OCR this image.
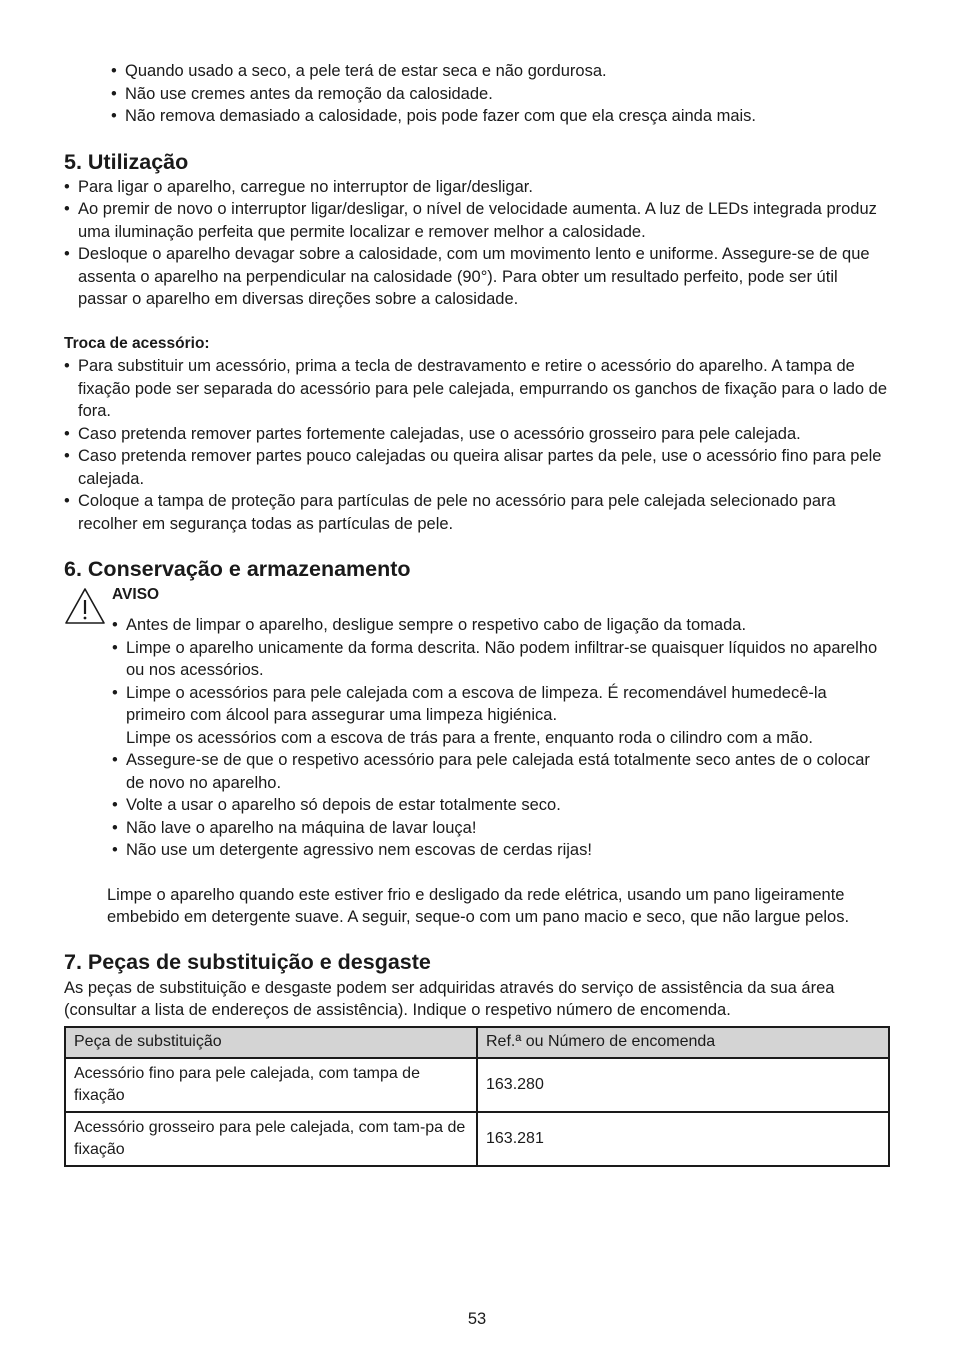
• Quando usado a seco, a pele terá de estar seca e não gordurosa.
• Não use cremes antes da remoção da calosidade.
• Não remova demasiado a calosidade, pois pode fazer com que ela cresça ainda mais.
5. Utilização
• Para ligar o aparelho, carregue no interruptor de ligar/desligar.
• Ao premir de novo o interruptor ligar/desligar, o nível de velocidade aumenta. A luz de LEDs integrada produz uma iluminação perfeita que permite localizar e remover melhor a calosidade.
• Desloque o aparelho devagar sobre a calosidade, com um movimento lento e uniforme. Assegure-se de que assenta o aparelho na perpendicular na calosidade (90°). Para obter um resultado perfeito, pode ser útil passar o aparelho em diversas direções sobre a calosidade.
Troca de acessório:
• Para substituir um acessório, prima a tecla de destravamento e retire o acessório do aparelho. A tampa de fixação pode ser separada do acessório para pele calejada, empurrando os ganchos de fixação para o lado de fora.
• Caso pretenda remover partes fortemente calejadas, use o acessório grosseiro para pele calejada.
• Caso pretenda remover partes pouco calejadas ou queira alisar partes da pele, use o acessório fino para pele calejada.
• Coloque a tampa de proteção para partículas de pele no acessório para pele calejada selecionado para recolher em segurança todas as partículas de pele.
6. Conservação e armazenamento
AVISO
• Antes de limpar o aparelho, desligue sempre o respetivo cabo de ligação da tomada.
• Limpe o aparelho unicamente da forma descrita. Não podem infiltrar-se quaisquer líquidos no aparelho ou nos acessórios.
• Limpe o acessórios para pele calejada com a escova de limpeza. É recomendável humedecê-la primeiro com álcool para assegurar uma limpeza higiénica.
Limpe os acessórios com a escova de trás para a frente, enquanto roda o cilindro com a mão.
• Assegure-se de que o respetivo acessório para pele calejada está totalmente seco antes de o colocar de novo no aparelho.
• Volte a usar o aparelho só depois de estar totalmente seco.
• Não lave o aparelho na máquina de lavar louça!
• Não use um detergente agressivo nem escovas de cerdas rijas!

Limpe o aparelho quando este estiver frio e desligado da rede elétrica, usando um pano ligeiramente embebido em detergente suave. A seguir, seque-o com um pano macio e seco, que não largue pelos.

7. Peças de substituição e desgaste

As peças de substituição e desgaste podem ser adquiridas através do serviço de assistência da sua área (consultar a lista de endereços de assistência). Indique o respetivo número de encomenda.

Peça de substituição	Ref.ª ou Número de encomenda
Acessório fino para pele calejada, com tampa de fixação	163.280
Acessório grosseiro para pele calejada, com tam-pa de fixação	163.281
53
